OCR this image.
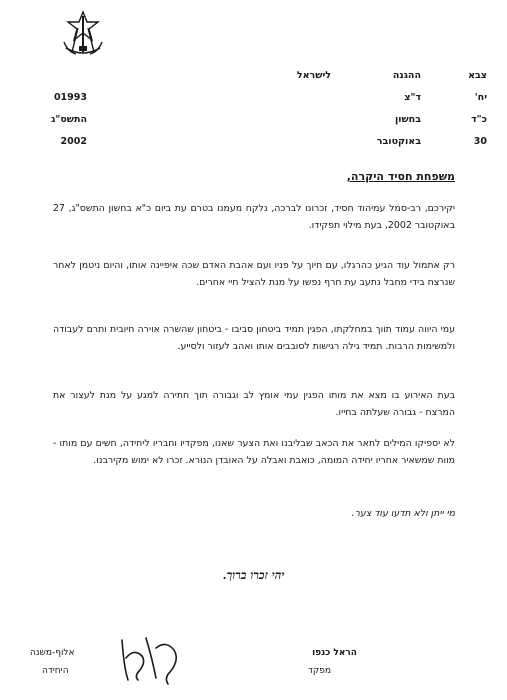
צבא
ההגנה
לישראל
יח'
ד"צ
01993
כ"ד
בחשון
התשס"ג
30
באוקטובר
2002
משפחת חסיד היקרה,

יקירכם, רב-סמל עמיהוד חסיד, זכרונו לברכה, נלקח מעמנו בטרם עת ביום כ"א בחשון התשס"ג, 27 באוקטובר 2002, בעת מילוי תפקידו.

רק אתמול עוד הגיע כהרגלו, עם חיוך על פניו ועם אהבת האדם שכה איפיינה אותו, והיום ניטמן לאחר שנרצח בידי מחבל נתעב עת חרף נפשו על מנת להציל חיי אחרים.

עמי היווה עמוד תווך במחלקתו, הפגין תמיד ביטחון סביבו - ביטחון שהשרה אוירה חיובית ותרם לעבודה ולמשימות הרבות. תמיד גילה רגישות לסובבים אותו ואהב לעזור ולסייע.

בעת האירוע בו מצא את מותו הפגין עמי אומץ לב וגבורה תוך חתירה למגע על מנת לעצור את המרצח - גבורה שעלתה בחייו.

לא יספיקו המילים לתאר את הכאב שבליבנו ואת הצער שאנו, מפקדיו וחבריו ליחידה, חשים עם מותו - מוות שמשאיר אחריו יחידה המומה, כואבת ואבלה על האובדן הנורא. זכרו לא ימוש מקירבנו.

מי ייתן ולא תדעו עוד צער.
יהי זכרו ברוך.
הראל כנפו
מפקד
אלוף-משנה
היחידה
